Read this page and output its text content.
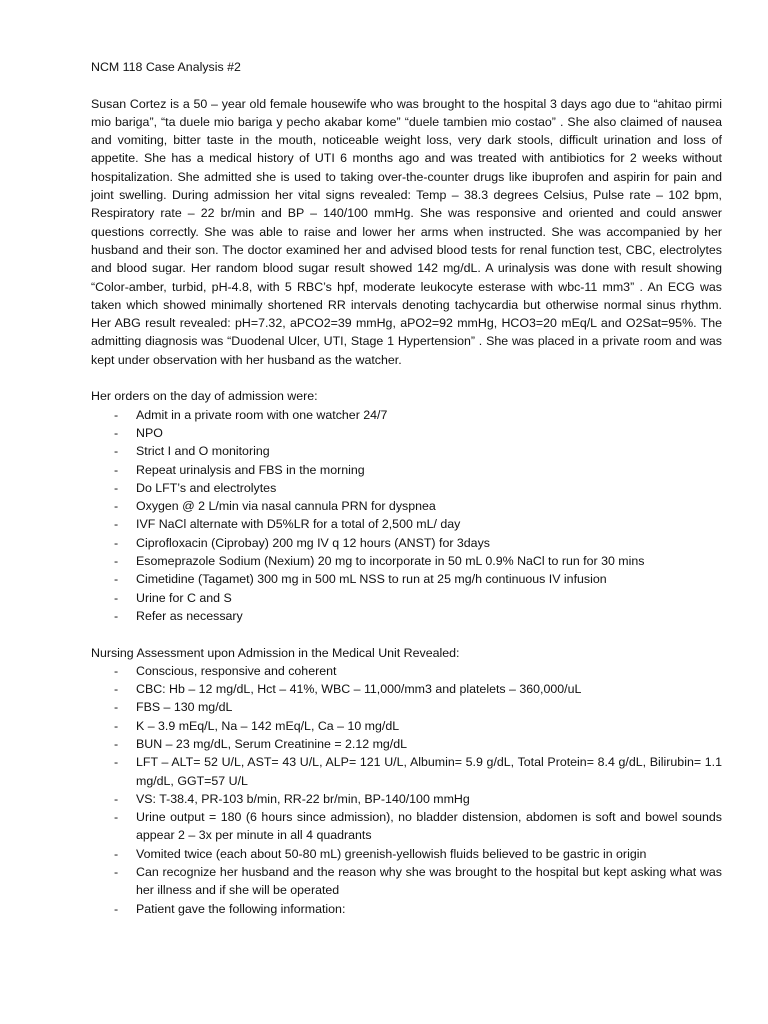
NCM 118 Case Analysis #2

Susan Cortez is a 50 – year old female housewife who was brought to the hospital 3 days ago due to “ahitao pirmi mio bariga”, “ta duele mio bariga y pecho akabar kome” “duele tambien mio costao” . She also claimed of nausea and vomiting, bitter taste in the mouth, noticeable weight loss, very dark stools, difficult urination and loss of appetite. She has a medical history of UTI 6 months ago and was treated with antibiotics for 2 weeks without hospitalization. She admitted she is used to taking over-the-counter drugs like ibuprofen and aspirin for pain and joint swelling. During admission her vital signs revealed: Temp – 38.3 degrees Celsius, Pulse rate – 102 bpm, Respiratory rate – 22 br/min and BP – 140/100 mmHg. She was responsive and oriented and could answer questions correctly. She was able to raise and lower her arms when instructed. She was accompanied by her husband and their son. The doctor examined her and advised blood tests for renal function test, CBC, electrolytes and blood sugar. Her random blood sugar result showed 142 mg/dL. A urinalysis was done with result showing “Color-amber, turbid, pH-4.8, with 5 RBC’s hpf, moderate leukocyte esterase with wbc-11 mm3” . An ECG was taken which showed minimally shortened RR intervals denoting tachycardia but otherwise normal sinus rhythm. Her ABG result revealed: pH=7.32, aPCO2=39 mmHg, aPO2=92 mmHg, HCO3=20 mEq/L and O2Sat=95%. The admitting diagnosis was “Duodenal Ulcer, UTI, Stage 1 Hypertension” . She was placed in a private room and was kept under observation with her husband as the watcher.

Her orders on the day of admission were:

- Admit in a private room with one watcher 24/7
- NPO
- Strict I and O monitoring
- Repeat urinalysis and FBS in the morning
- Do LFT’s and electrolytes
- Oxygen @ 2 L/min via nasal cannula PRN for dyspnea
- IVF NaCl alternate with D5%LR for a total of 2,500 mL/ day
- Ciprofloxacin (Ciprobay) 200 mg IV q 12 hours (ANST) for 3days
- Esomeprazole Sodium (Nexium) 20 mg to incorporate in 50 mL 0.9% NaCl to run for 30 mins
- Cimetidine (Tagamet) 300 mg in 500 mL NSS to run at 25 mg/h continuous IV infusion
- Urine for C and S
- Refer as necessary

Nursing Assessment upon Admission in the Medical Unit Revealed:

- Conscious, responsive and coherent
- CBC: Hb – 12 mg/dL, Hct – 41%, WBC – 11,000/mm3 and platelets – 360,000/uL
- FBS – 130 mg/dL
- K – 3.9 mEq/L, Na – 142 mEq/L, Ca – 10 mg/dL
- BUN – 23 mg/dL, Serum Creatinine = 2.12 mg/dL
- LFT – ALT= 52 U/L, AST= 43 U/L, ALP= 121 U/L, Albumin= 5.9 g/dL, Total Protein= 8.4 g/dL, Bilirubin= 1.1 mg/dL, GGT=57 U/L
- VS: T-38.4, PR-103 b/min, RR-22 br/min, BP-140/100 mmHg
- Urine output = 180 (6 hours since admission), no bladder distension, abdomen is soft and bowel sounds appear 2 – 3x per minute in all 4 quadrants
- Vomited twice (each about 50-80 mL) greenish-yellowish fluids believed to be gastric in origin
- Can recognize her husband and the reason why she was brought to the hospital but kept asking what was her illness and if she will be operated
- Patient gave the following information:
